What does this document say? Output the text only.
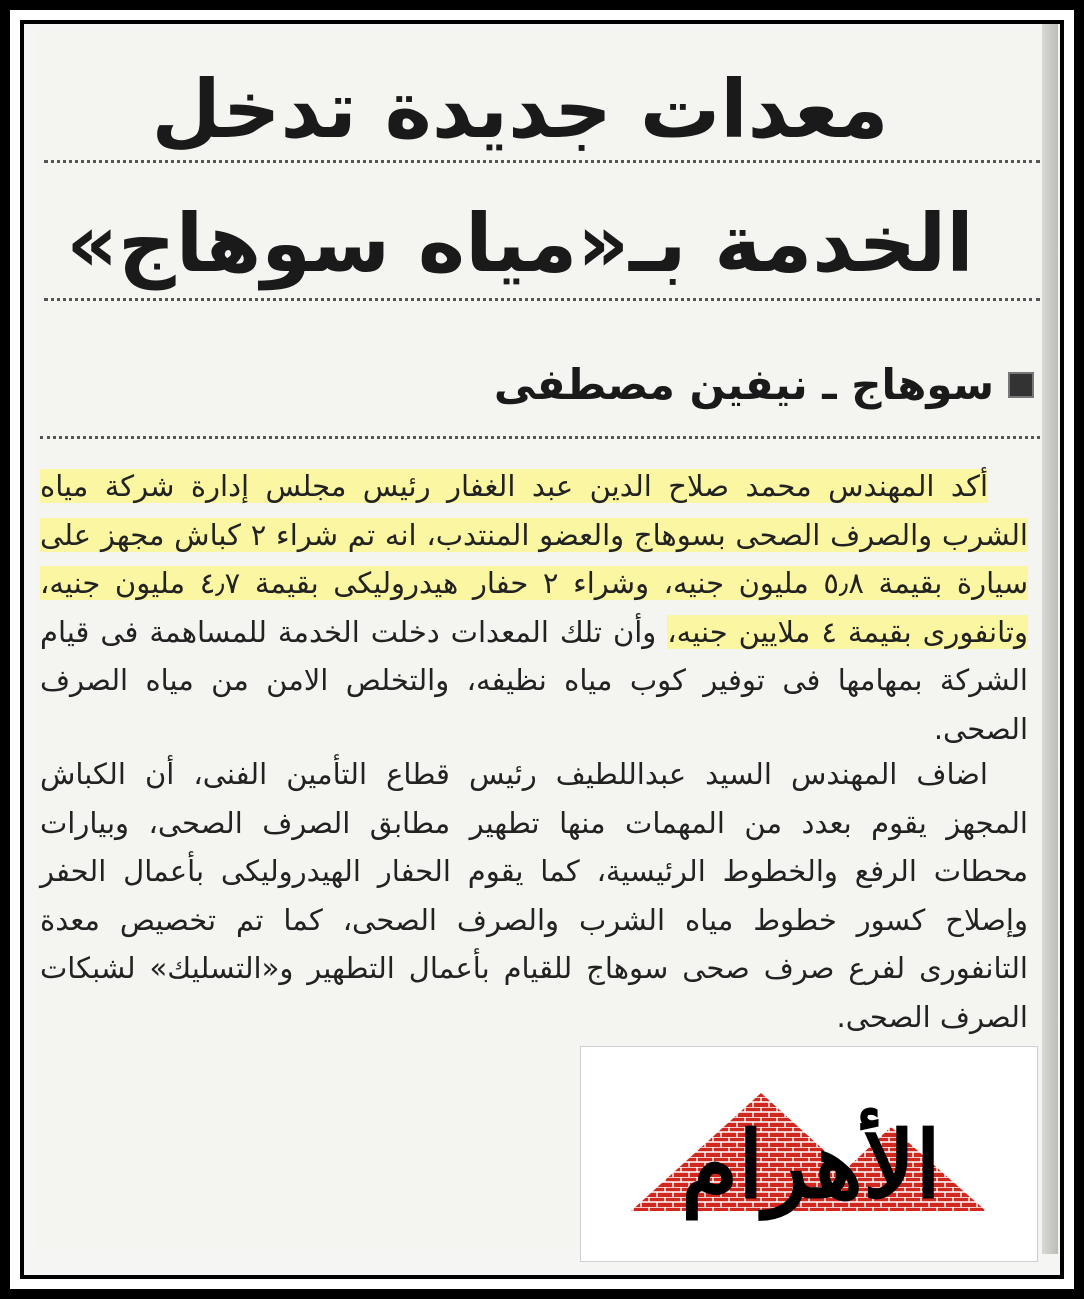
معدات جديدة تدخل
الخدمة بـ«مياه سوهاج»
سوهاج ـ نيفين مصطفى
أكد المهندس محمد صلاح الدين عبد الغفار رئيس مجلس إدارة شركة مياه الشرب والصرف الصحى بسوهاج والعضو المنتدب، انه تم شراء ٢ كباش مجهز على سيارة بقيمة ٥٫٨ مليون جنيه، وشراء ٢ حفار هيدروليكى بقيمة ٤٫٧ مليون جنيه، وتانفورى بقيمة ٤ ملايين جنيه، وأن تلك المعدات دخلت الخدمة للمساهمة فى قيام الشركة بمهامها فى توفير كوب مياه نظيفه، والتخلص الامن من مياه الصرف الصحى.
اضاف المهندس السيد عبداللطيف رئيس قطاع التأمين الفنى، أن الكباش المجهز يقوم بعدد من المهمات منها تطهير مطابق الصرف الصحى، وبيارات محطات الرفع والخطوط الرئيسية، كما يقوم الحفار الهيدروليكى بأعمال الحفر وإصلاح كسور خطوط مياه الشرب والصرف الصحى، كما تم تخصيص معدة التانفورى لفرع صرف صحى سوهاج للقيام بأعمال التطهير و«التسليك» لشبكات الصرف الصحى.
الأهرام
